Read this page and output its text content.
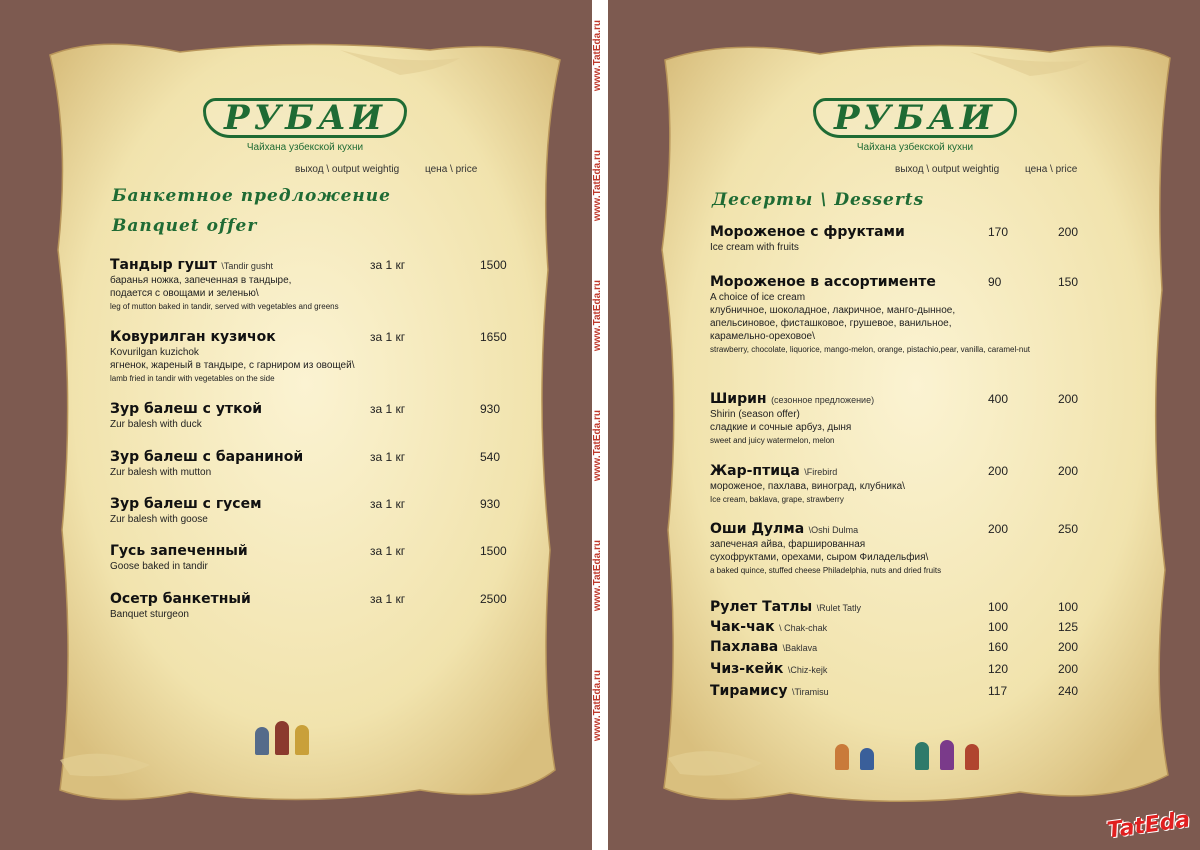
РУБАИ
Чайхана узбекской кухни
выход \ output weightig	цена \ price
Банкетное предложение
Banquet offer
Тандыр гушт \Tandir gusht
баранья ножка, запеченная в тандыре,
подается с овощами и зеленью\
leg of mutton baked in tandir, served with vegetables and greens
за 1 кг	1500
Ковурилган кузичок
Kovurilgan kuzichok
ягненок, жареный в тандыре, с гарниром из овощей\
lamb fried in tandir with vegetables on the side
за 1 кг	1650
Зур балеш с уткой
Zur balesh with duck
за 1 кг	930
Зур балеш с бараниной
Zur balesh with mutton
за 1 кг	540
Зур балеш с гусем
Zur balesh with goose
за 1 кг	930
Гусь запеченный
Goose baked in tandir
за 1 кг	1500
Осетр банкетный
Banquet sturgeon
за 1 кг	2500
www.TatEda.ru
www.TatEda.ru
www.TatEda.ru
www.TatEda.ru
www.TatEda.ru
www.TatEda.ru
РУБАИ
Чайхана узбекской кухни
выход \ output weightig	цена \ price
Десерты \ Desserts
Мороженое с фруктами
Ice cream with fruits
170	200
Мороженое в ассортименте
A choice of ice cream
клубничное, шоколадное, лакричное, манго-дынное,
апельсиновое, фисташковое, грушевое, ванильное,
карамельно-ореховое\
strawberry, chocolate, liquorice, mango-melon, orange, pistachio,pear, vanilla, caramel-nut
90	150
Ширин (сезонное предложение)
Shirin (season offer)
сладкие и сочные арбуз, дыня
sweet and juicy watermelon, melon
400	200
Жар-птица \Firebird
мороженое, пахлава, виноград, клубника\
Ice cream, baklava, grape, strawberry
200	200
Оши Дулма \Oshi Dulma
запеченая айва, фаршированная
сухофруктами, орехами, сыром Филадельфия\
a baked quince, stuffed cheese Philadelphia, nuts and dried fruits
200	250
Рулет Татлы \Rulet Tatly	100	100
Чак-чак \ Chak-chak	100	125
Пахлава \Baklava	160	200
Чиз-кейк \Chiz-kejk	120	200
Тирамису \Tiramisu	117	240
TatEda
